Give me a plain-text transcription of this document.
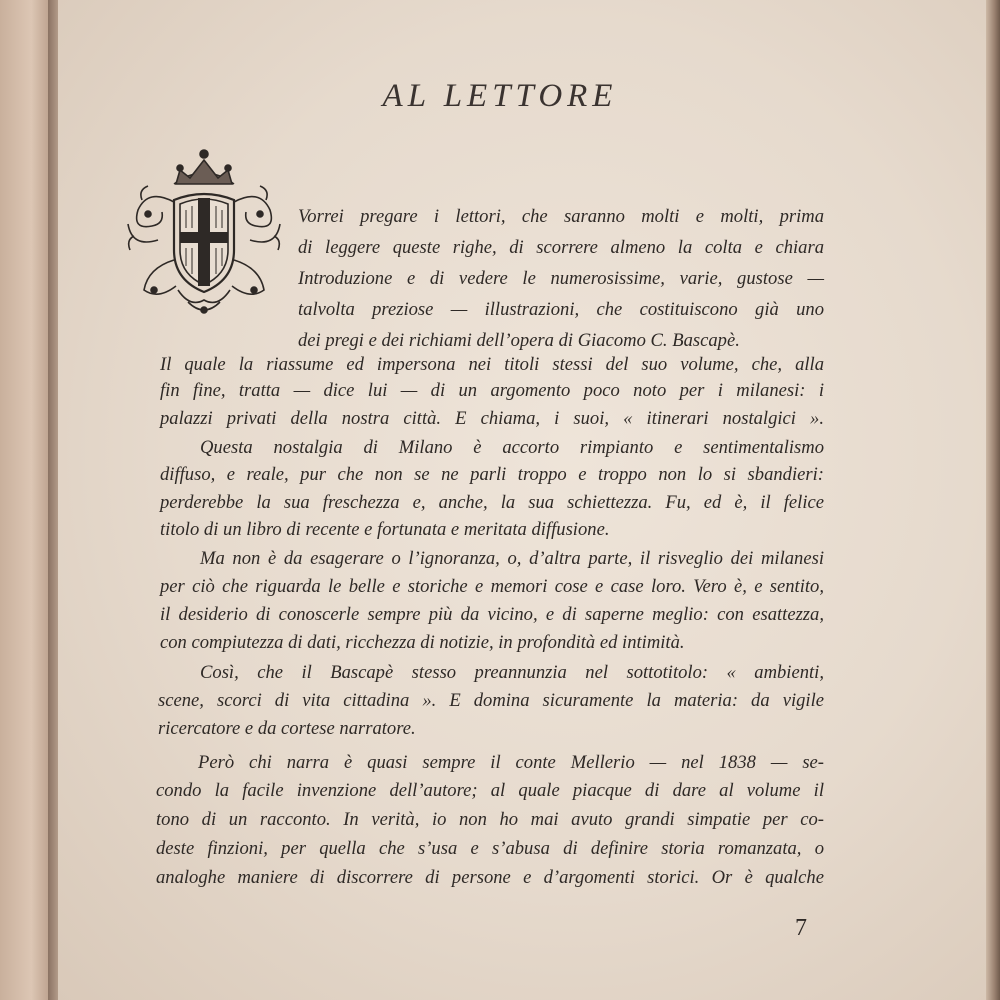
AL LETTORE
Vorrei pregare i lettori, che saranno molti e molti, prima
di leggere queste righe, di scorrere almeno la colta e chiara
Introduzione e di vedere le numerosissime, varie, gustose —
talvolta preziose — illustrazioni, che costituiscono già uno
dei pregi e dei richiami dell’opera di Giacomo C. Bascapè.
Il quale la riassume ed impersona nei titoli stessi del suo volume, che, alla
fin fine, tratta — dice lui — di un argomento poco noto per i milanesi: i
palazzi privati della nostra città. E chiama, i suoi, « itinerari nostalgici ».
Questa nostalgia di Milano è accorto rimpianto e sentimentalismo
diffuso, e reale, pur che non se ne parli troppo e troppo non lo si sbandieri:
perderebbe la sua freschezza e, anche, la sua schiettezza. Fu, ed è, il felice
titolo di un libro di recente e fortunata e meritata diffusione.
Ma non è da esagerare o l’ignoranza, o, d’altra parte, il risveglio dei milanesi
per ciò che riguarda le belle e storiche e memori cose e case loro. Vero è, e sentito,
il desiderio di conoscerle sempre più da vicino, e di saperne meglio: con esattezza,
con compiutezza di dati, ricchezza di notizie, in profondità ed intimità.
Così, che il Bascapè stesso preannunzia nel sottotitolo: « ambienti,
scene, scorci di vita cittadina ». E domina sicuramente la materia: da vigile
ricercatore e da cortese narratore.
Però chi narra è quasi sempre il conte Mellerio — nel 1838 — se-
condo la facile invenzione dell’autore; al quale piacque di dare al volume il
tono di un racconto. In verità, io non ho mai avuto grandi simpatie per co-
deste finzioni, per quella che s’usa e s’abusa di definire storia romanzata, o
analoghe maniere di discorrere di persone e d’argomenti storici. Or è qualche
7
